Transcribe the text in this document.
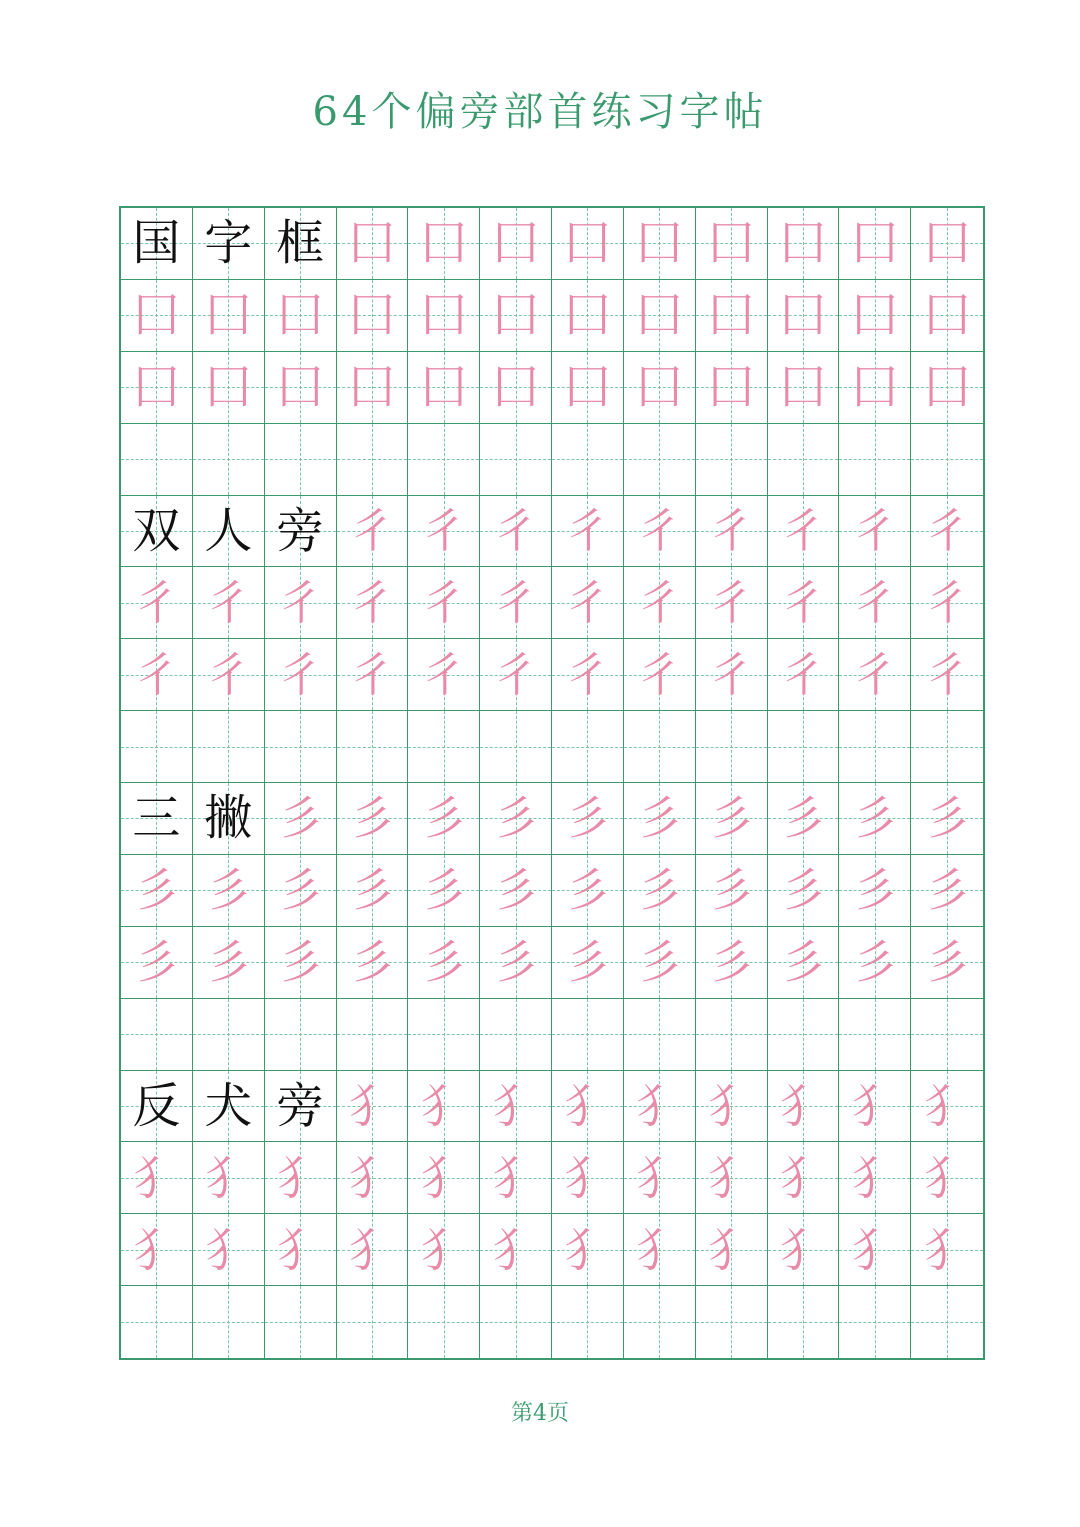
64个偏旁部首练习字帖
国 字 框 囗 囗 囗 囗 囗 囗 囗 囗 囗
囗 囗 囗 囗 囗 囗 囗 囗 囗 囗 囗 囗
囗 囗 囗 囗 囗 囗 囗 囗 囗 囗 囗 囗
双 人 旁 彳 彳 彳 彳 彳 彳 彳 彳 彳
彳 彳 彳 彳 彳 彳 彳 彳 彳 彳 彳 彳
彳 彳 彳 彳 彳 彳 彳 彳 彳 彳 彳 彳
三 撇 彡 彡 彡 彡 彡 彡 彡 彡 彡 彡
彡 彡 彡 彡 彡 彡 彡 彡 彡 彡 彡 彡
彡 彡 彡 彡 彡 彡 彡 彡 彡 彡 彡 彡
反 犬 旁 犭 犭 犭 犭 犭 犭 犭 犭 犭
犭 犭 犭 犭 犭 犭 犭 犭 犭 犭 犭 犭
犭 犭 犭 犭 犭 犭 犭 犭 犭 犭 犭 犭
第4页
